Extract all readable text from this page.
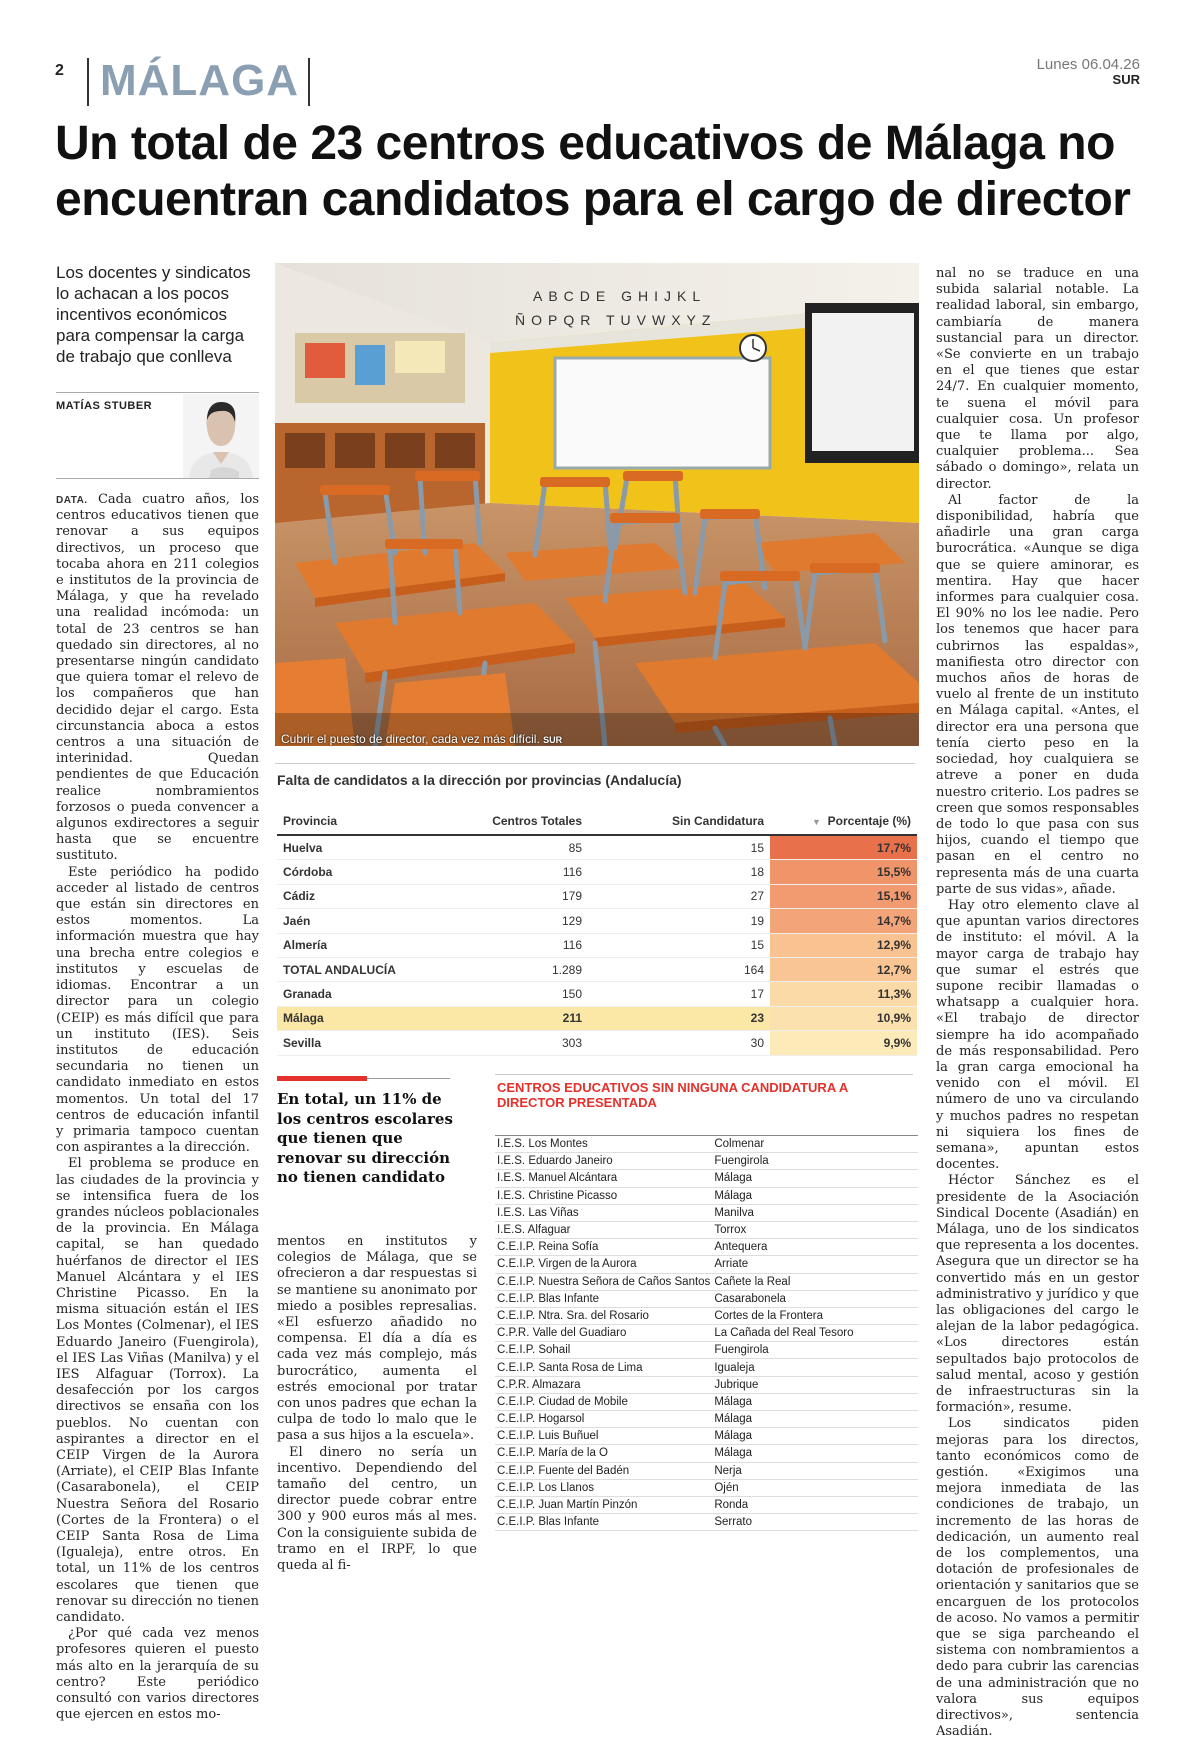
2 MÁLAGA	Lunes 06.04.26
SUR
Un total de 23 centros educativos de Málaga no encuentran candidatos para el cargo de director
Los docentes y sindicatos lo achacan a los pocos incentivos económicos para compensar la carga de trabajo que conlleva
MATÍAS STUBER

DATA. Cada cuatro años, los centros educativos tienen que renovar a sus equipos directivos, un proceso que tocaba ahora en 211 colegios e institutos de la provincia de Málaga, y que ha revelado una realidad incómoda: un total de 23 centros se han quedado sin directores, al no presentarse ningún candidato que quiera tomar el relevo de los compañeros que han decidido dejar el cargo. Esta circunstancia aboca a estos centros a una situación de interinidad. Quedan pendientes de que Educación realice nombramientos forzosos o pueda convencer a algunos exdirectores a seguir hasta que se encuentre sustituto.

Este periódico ha podido acceder al listado de centros que están sin directores en estos momentos. La información muestra que hay una brecha entre colegios e institutos y escuelas de idiomas. Encontrar a un director para un colegio (CEIP) es más difícil que para un instituto (IES). Seis institutos de educación secundaria no tienen un candidato inmediato en estos momentos. Un total del 17 centros de educación infantil y primaria tampoco cuentan con aspirantes a la dirección.

El problema se produce en las ciudades de la provincia y se intensifica fuera de los grandes núcleos poblacionales de la provincia. En Málaga capital, se han quedado huérfanos de director el IES Manuel Alcántara y el IES Christine Picasso. En la misma situación están el IES Los Montes (Colmenar), el IES Eduardo Janeiro (Fuengirola), el IES Las Viñas (Manilva) y el IES Alfaguar (Torrox). La desafección por los cargos directivos se ensaña con los pueblos. No cuentan con aspirantes a director en el CEIP Virgen de la Aurora (Arriate), el CEIP Blas Infante (Casarabonela), el CEIP Nuestra Señora del Rosario (Cortes de la Frontera) o el CEIP Santa Rosa de Lima (Igualeja), entre otros. En total, un 11% de los centros escolares que tienen que renovar su dirección no tienen candidato.

¿Por qué cada vez menos profesores quieren el puesto más alto en la jerarquía de su centro? Este periódico consultó con varios directores que ejercen en estos mo-

ABCDE GHIJKL
ÑOPQR TUVWXYZ
Cubrir el puesto de director, cada vez más difícil. SUR
Falta de candidatos a la dirección por provincias (Andalucía)
Provincia	Centros Totales	Sin Candidatura	▼ Porcentaje (%)
Huelva	85	15	17,7%
Córdoba	116	18	15,5%
Cádiz	179	27	15,1%
Jaén	129	19	14,7%
Almería	116	15	12,9%
TOTAL ANDALUCÍA	1.289	164	12,7%
Granada	150	17	11,3%
Málaga	211	23	10,9%
Sevilla	303	30	9,9%
En total, un 11% de los centros escolares que tienen que renovar su dirección no tienen candidato

mentos en institutos y colegios de Málaga, que se ofrecieron a dar respuestas si se mantiene su anonimato por miedo a posibles represalias. «El esfuerzo añadido no compensa. El día a día es cada vez más complejo, más burocrático, aumenta el estrés emocional por tratar con unos padres que echan la culpa de todo lo malo que le pasa a sus hijos a la escuela».

El dinero no sería un incentivo. Dependiendo del tamaño del centro, un director puede cobrar entre 300 y 900 euros más al mes. Con la consiguiente subida de tramo en el IRPF, lo que queda al fi-

CENTROS EDUCATIVOS SIN NINGUNA CANDIDATURA A DIRECTOR PRESENTADA
I.E.S. Los Montes	Colmenar
I.E.S. Eduardo Janeiro	Fuengirola
I.E.S. Manuel Alcántara	Málaga
I.E.S. Christine Picasso	Málaga
I.E.S. Las Viñas	Manilva
I.E.S. Alfaguar	Torrox
C.E.I.P. Reina Sofía	Antequera
C.E.I.P. Virgen de la Aurora	Arriate
C.E.I.P. Nuestra Señora de Caños Santos	Cañete la Real
C.E.I.P. Blas Infante	Casarabonela
C.E.I.P. Ntra. Sra. del Rosario	Cortes de la Frontera
C.P.R. Valle del Guadiaro	La Cañada del Real Tesoro
C.E.I.P. Sohail	Fuengirola
C.E.I.P. Santa Rosa de Lima	Igualeja
C.P.R. Almazara	Jubrique
C.E.I.P. Ciudad de Mobile	Málaga
C.E.I.P. Hogarsol	Málaga
C.E.I.P. Luis Buñuel	Málaga
C.E.I.P. María de la O	Málaga
C.E.I.P. Fuente del Badén	Nerja
C.E.I.P. Los Llanos	Ojén
C.E.I.P. Juan Martín Pinzón	Ronda
C.E.I.P. Blas Infante	Serrato

nal no se traduce en una subida salarial notable. La realidad laboral, sin embargo, cambiaría de manera sustancial para un director. «Se convierte en un trabajo en el que tienes que estar 24/7. En cualquier momento, te suena el móvil para cualquier cosa. Un profesor que te llama por algo, cualquier problema... Sea sábado o domingo», relata un director.

Al factor de la disponibilidad, habría que añadirle una gran carga burocrática. «Aunque se diga que se quiere aminorar, es mentira. Hay que hacer informes para cualquier cosa. El 90% no los lee nadie. Pero los tenemos que hacer para cubrirnos las espaldas», manifiesta otro director con muchos años de horas de vuelo al frente de un instituto en Málaga capital. «Antes, el director era una persona que tenía cierto peso en la sociedad, hoy cualquiera se atreve a poner en duda nuestro criterio. Los padres se creen que somos responsables de todo lo que pasa con sus hijos, cuando el tiempo que pasan en el centro no representa más de una cuarta parte de sus vidas», añade.

Hay otro elemento clave al que apuntan varios directores de instituto: el móvil. A la mayor carga de trabajo hay que sumar el estrés que supone recibir llamadas o whatsapp a cualquier hora. «El trabajo de director siempre ha ido acompañado de más responsabilidad. Pero la gran carga emocional ha venido con el móvil. El número de uno va circulando y muchos padres no respetan ni siquiera los fines de semana», apuntan estos docentes.

Héctor Sánchez es el presidente de la Asociación Sindical Docente (Asadián) en Málaga, uno de los sindicatos que representa a los docentes. Asegura que un director se ha convertido más en un gestor administrativo y jurídico y que las obligaciones del cargo le alejan de la labor pedagógica. «Los directores están sepultados bajo protocolos de salud mental, acoso y gestión de infraestructuras sin la formación», resume.

Los sindicatos piden mejoras para los directos, tanto económicos como de gestión. «Exigimos una mejora inmediata de las condiciones de trabajo, un incremento de las horas de dedicación, un aumento real de los complementos, una dotación de profesionales de orientación y sanitarios que se encarguen de los protocolos de acoso. No vamos a permitir que se siga parcheando el sistema con nombramientos a dedo para cubrir las carencias de una administración que no valora sus equipos directivos», sentencia Asadián.
